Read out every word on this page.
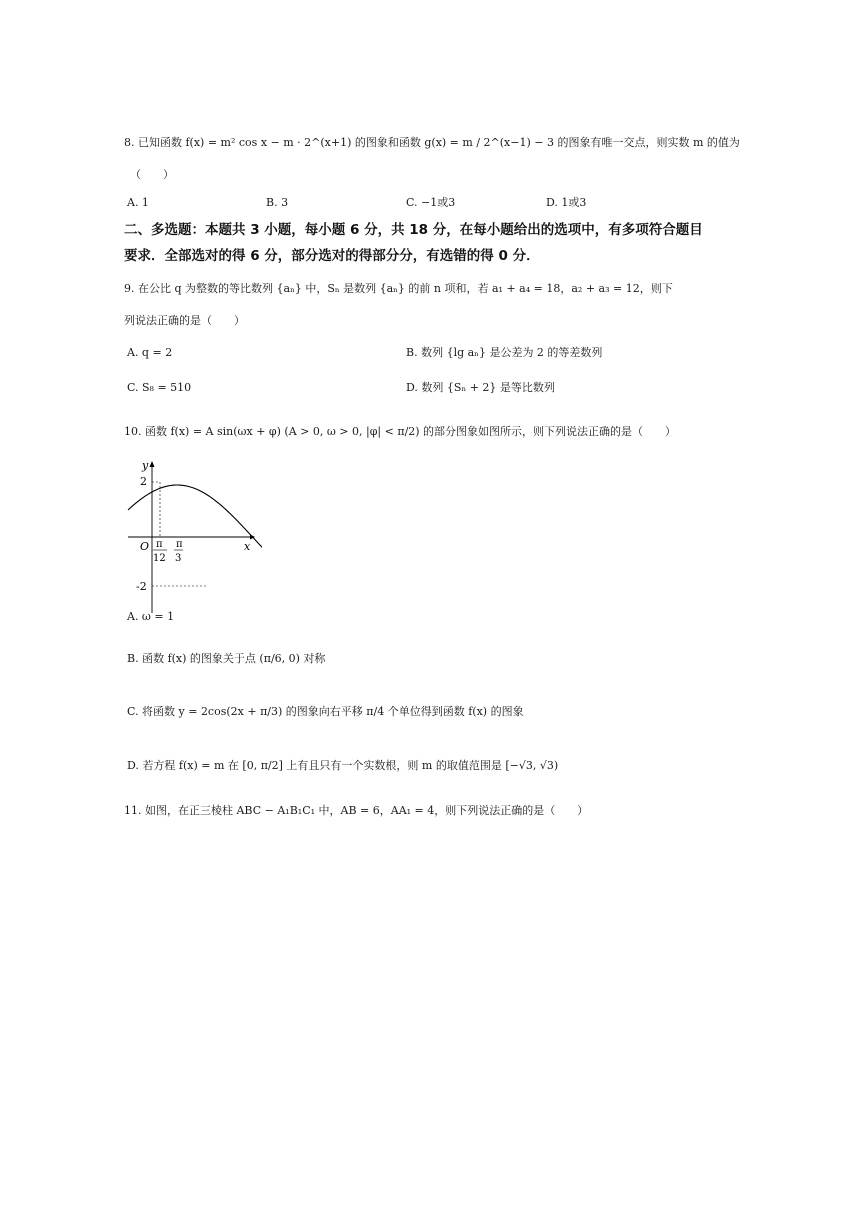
8. 已知函数 f(x) = m² cos x − m · 2^(x+1) 的图象和函数 g(x) = m / 2^(x−1) − 3 的图象有唯一交点，则实数 m 的值为
（　　）
A. 1	B. 3	C. −1或3	D. 1或3
二、多选题：本题共 3 小题，每小题 6 分，共 18 分，在每小题给出的选项中，有多项符合题目
要求．全部选对的得 6 分，部分选对的得部分分，有选错的得 0 分．
9. 在公比 q 为整数的等比数列 {aₙ} 中，Sₙ 是数列 {aₙ} 的前 n 项和，若 a₁ + a₄ = 18，a₂ + a₃ = 12，则下
列说法正确的是（　　）
A. q = 2	B. 数列 {lg aₙ} 是公差为 2 的等差数列
C. S₈ = 510	D. 数列 {Sₙ + 2} 是等比数列
10. 函数 f(x) = A sin(ωx + φ) (A > 0, ω > 0, |φ| < π/2) 的部分图象如图所示，则下列说法正确的是（　　）
y
x
O
2
-2
π
12
π
3
A. ω = 1
B. 函数 f(x) 的图象关于点 (π/6, 0) 对称
C. 将函数 y = 2cos(2x + π/3) 的图象向右平移 π/4 个单位得到函数 f(x) 的图象
D. 若方程 f(x) = m 在 [0, π/2] 上有且只有一个实数根，则 m 的取值范围是 [−√3, √3)
11. 如图，在正三棱柱 ABC − A₁B₁C₁ 中，AB = 6，AA₁ = 4，则下列说法正确的是（　　）
